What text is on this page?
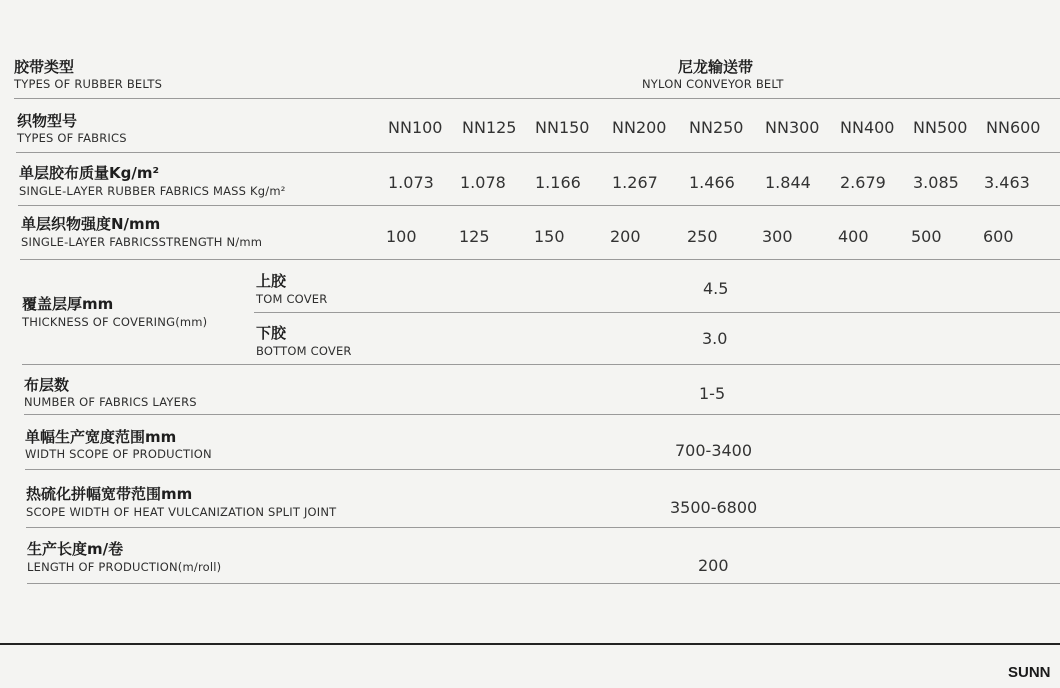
胶带类型
TYPES OF RUBBER BELTS
尼龙输送带
NYLON CONVEYOR BELT
织物型号
TYPES OF FABRICS
NN100 NN125 NN150 NN200 NN250 NN300 NN400 NN500 NN600
单层胶布质量Kg/m²
SINGLE-LAYER RUBBER FABRICS MASS Kg/m²	1.073 1.078 1.166 1.267 1.466 1.844 2.679 3.085 3.463
单层织物强度N/mm
SINGLE-LAYER FABRICSSTRENGTH N/mm	100	125	150	200	250	300	400	500	600
覆盖层厚mm
THICKNESS OF COVERING(mm)
上胶
TOM COVER
4.5
下胶
BOTTOM COVER
3.0
布层数
NUMBER OF FABRICS LAYERS	1-5
单幅生产宽度范围mm
WIDTH SCOPE OF PRODUCTION	700-3400
热硫化拼幅宽带范围mm
SCOPE WIDTH OF HEAT VULCANIZATION SPLIT JOINT	3500-6800
生产长度m/卷
LENGTH OF PRODUCTION(m/roll)	200
SUNN
